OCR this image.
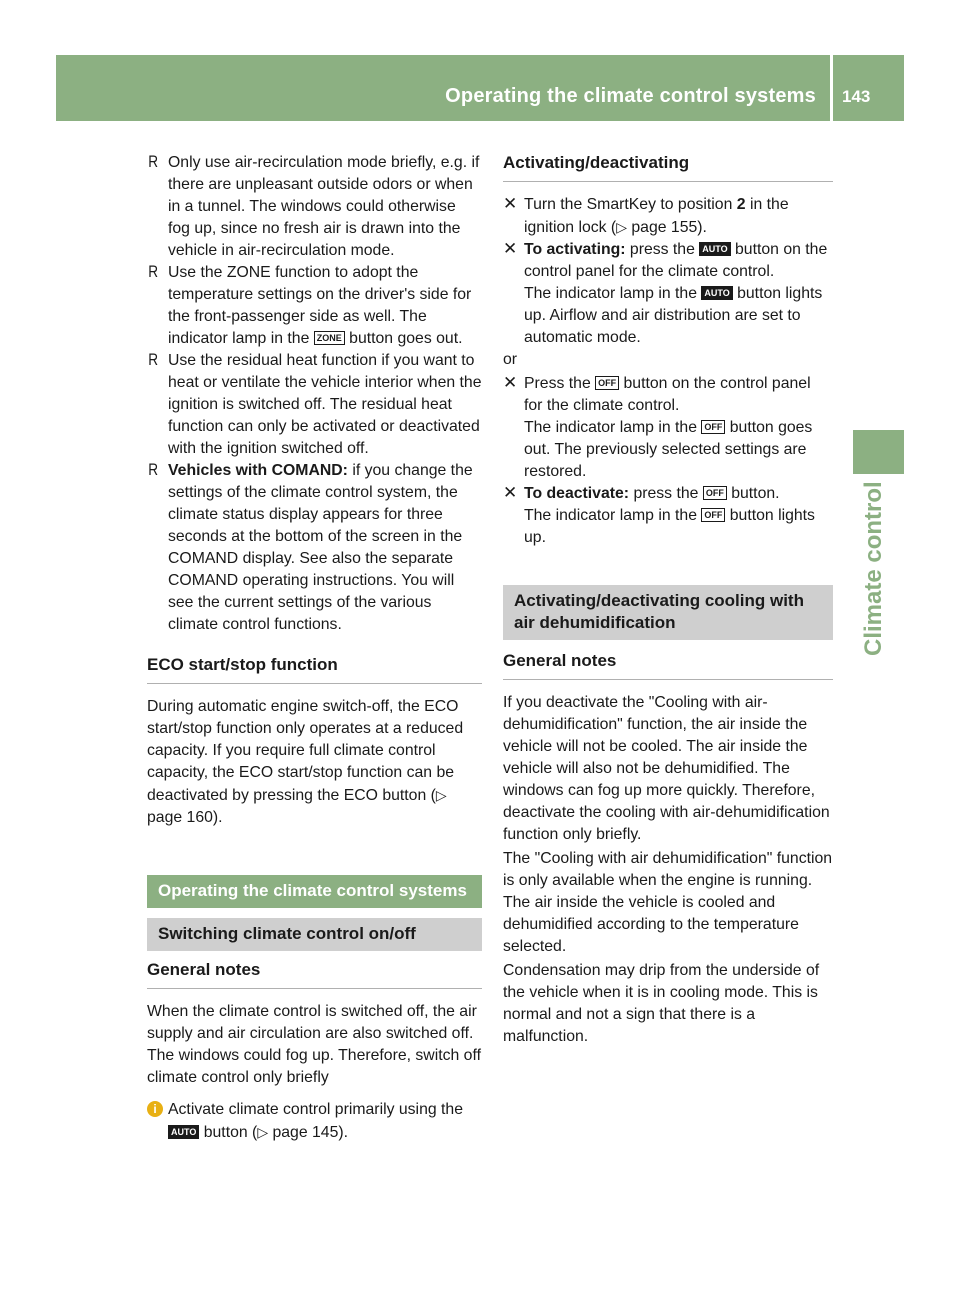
Operating the climate control systems 143
Climate control
R Only use air-recirculation mode briefly, e.g. if there are unpleasant outside odors or when in a tunnel. The windows could otherwise fog up, since no fresh air is drawn into the vehicle in air-recirculation mode.
R Use the ZONE function to adopt the temperature settings on the driver's side for the front-passenger side as well. The indicator lamp in the ZONE button goes out.
R Use the residual heat function if you want to heat or ventilate the vehicle interior when the ignition is switched off. The residual heat function can only be activated or deactivated with the ignition switched off.
R Vehicles with COMAND: if you change the settings of the climate control system, the climate status display appears for three seconds at the bottom of the screen in the COMAND display. See also the separate COMAND operating instructions. You will see the current settings of the various climate control functions.
ECO start/stop function

During automatic engine switch-off, the ECO start/stop function only operates at a reduced capacity. If you require full climate control capacity, the ECO start/stop function can be deactivated by pressing the ECO button (▷ page 160).

Operating the climate control systems
Switching climate control on/off
General notes

When the climate control is switched off, the air supply and air circulation are also switched off. The windows could fog up. Therefore, switch off climate control only briefly

i Activate climate control primarily using the AUTO button (▷ page 145).
Activating/deactivating
✕ Turn the SmartKey to position 2 in the ignition lock (▷ page 155).
✕ To activating: press the AUTO button on the control panel for the climate control.
The indicator lamp in the AUTO button lights up. Airflow and air distribution are set to automatic mode.

or

✕ Press the OFF button on the control panel for the climate control.
The indicator lamp in the OFF button goes out. The previously selected settings are restored.
✕ To deactivate: press the OFF button.
The indicator lamp in the OFF button lights up.
Activating/deactivating cooling with air dehumidification
General notes

If you deactivate the "Cooling with air-dehumidification" function, the air inside the vehicle will not be cooled. The air inside the vehicle will also not be dehumidified. The windows can fog up more quickly. Therefore, deactivate the cooling with air-dehumidification function only briefly.

The "Cooling with air dehumidification" function is only available when the engine is running. The air inside the vehicle is cooled and dehumidified according to the temperature selected.

Condensation may drip from the underside of the vehicle when it is in cooling mode. This is normal and not a sign that there is a malfunction.
